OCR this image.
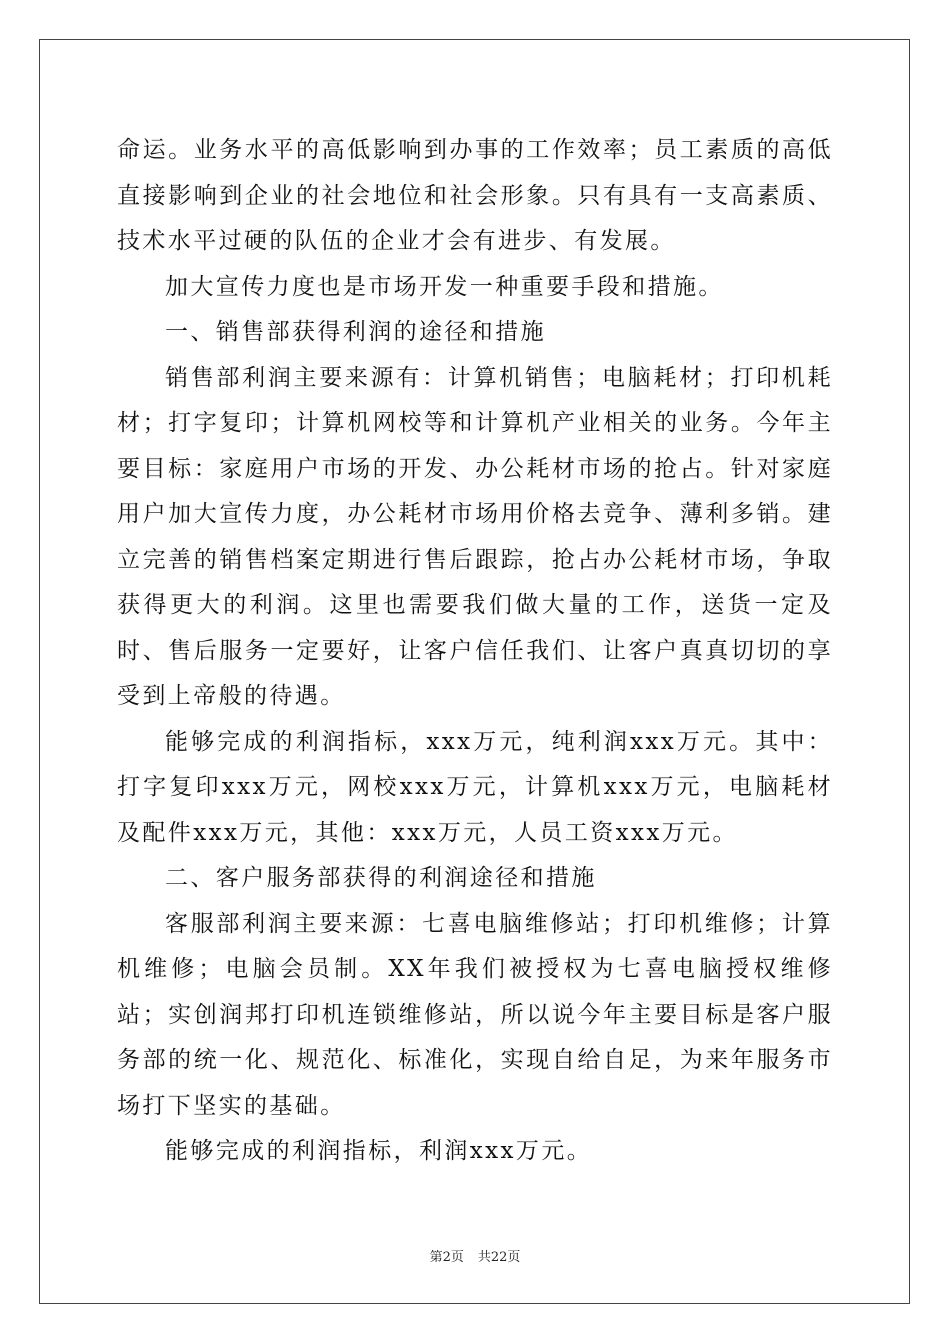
命运。业务水平的高低影响到办事的工作效率；员工素质的高低直接影响到企业的社会地位和社会形象。只有具有一支高素质、技术水平过硬的队伍的企业才会有进步、有发展。

加大宣传力度也是市场开发一种重要手段和措施。

一、销售部获得利润的途径和措施

销售部利润主要来源有：计算机销售；电脑耗材；打印机耗材；打字复印；计算机网校等和计算机产业相关的业务。今年主要目标：家庭用户市场的开发、办公耗材市场的抢占。针对家庭用户加大宣传力度，办公耗材市场用价格去竞争、薄利多销。建立完善的销售档案定期进行售后跟踪，抢占办公耗材市场，争取获得更大的利润。这里也需要我们做大量的工作，送货一定及时、售后服务一定要好，让客户信任我们、让客户真真切切的享受到上帝般的待遇。

能够完成的利润指标，xxx万元，纯利润xxx万元。其中：打字复印xxx万元，网校xxx万元，计算机xxx万元，电脑耗材及配件xxx万元，其他：xxx万元，人员工资xxx万元。

二、客户服务部获得的利润途径和措施

客服部利润主要来源：七喜电脑维修站；打印机维修；计算机维修；电脑会员制。XX年我们被授权为七喜电脑授权维修站；实创润邦打印机连锁维修站，所以说今年主要目标是客户服务部的统一化、规范化、标准化，实现自给自足，为来年服务市场打下坚实的基础。

能够完成的利润指标，利润xxx万元。

第2页 共22页
